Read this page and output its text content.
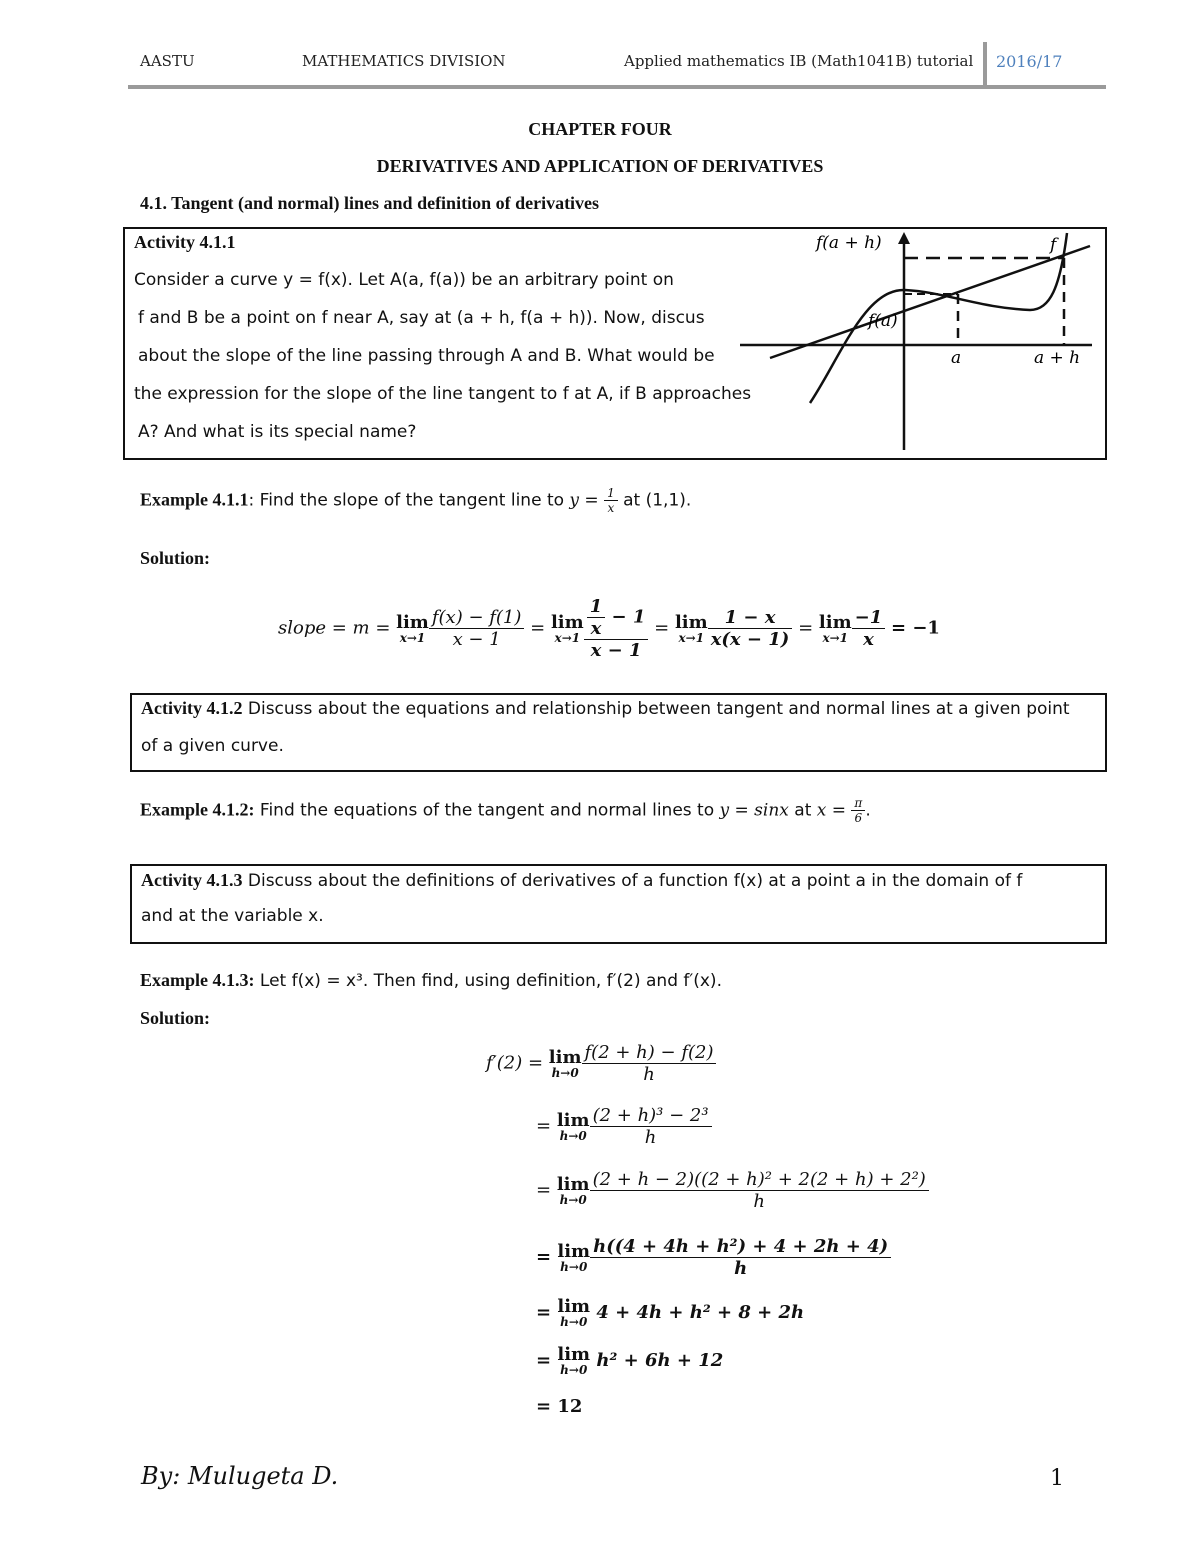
AASTU	MATHEMATICS DIVISION	Applied mathematics IB (Math1041B) tutorial 2016/17
CHAPTER FOUR
DERIVATIVES AND APPLICATION OF DERIVATIVES
4.1. Tangent (and normal) lines and definition of derivatives
Activity 4.1.1
Consider a curve y = f(x). Let A(a, f(a)) be an arbitrary point on
f and B be a point on f near A, say at (a + h, f(a + h)). Now, discus
about the slope of the line passing through A and B. What would be
the expression for the slope of the line tangent to f at A, if B approaches
A? And what is its special name?
f(a + h)	f
f(a)
a	a + h
Example 4.1.1: Find the slope of the tangent line to $y = \frac{1}{x}$ at (1,1).
Solution:
slope = m = lim
$x\to 1 \frac{f(x) - f(1)}{x - 1} = \lim$
$x\to 1 \frac{\frac{1}{x} - 1}{x - 1} = \lim$
$x\to 1 \frac{1 - x}{x(x - 1)} = \lim$
$x\to 1 \frac{-1}{x} = -1$
Activity 4.1.2 Discuss about the equations and relationship between tangent and normal lines at a given point
of a given curve.
Example 4.1.2: Find the equations of the tangent and normal lines to y = sinx at $x = \frac{\pi}{6}$ .
Activity 4.1.3 Discuss about the definitions of derivatives of a function f(x) at a point a in the domain of f
and at the variable x.
Example 4.1.3: Let f(x) = x³. Then find, using definition, f′(2) and f′(x).
Solution:
f′(2) = lim
$h\to 0 \frac{f(2 + h) - f(2)}{h}$
= lim
$h\to 0 \frac{\text{(2 + h)³ − 2³}}{h}$
= lim
$h\to 0 \frac{\text{(2 + h − 2)((2 + h)² + 2(2 + h) + 2²)}}{h}$
= lim
$h\to 0 \frac{\text{h((4 + 4h + h²) + 4 + 2h + 4)}}{h}$
= lim
h→0 4 + 4h + h² + 8 + 2h
= lim
h→0 h² + 6h + 12
= 12
By: Mulugeta D.	1
